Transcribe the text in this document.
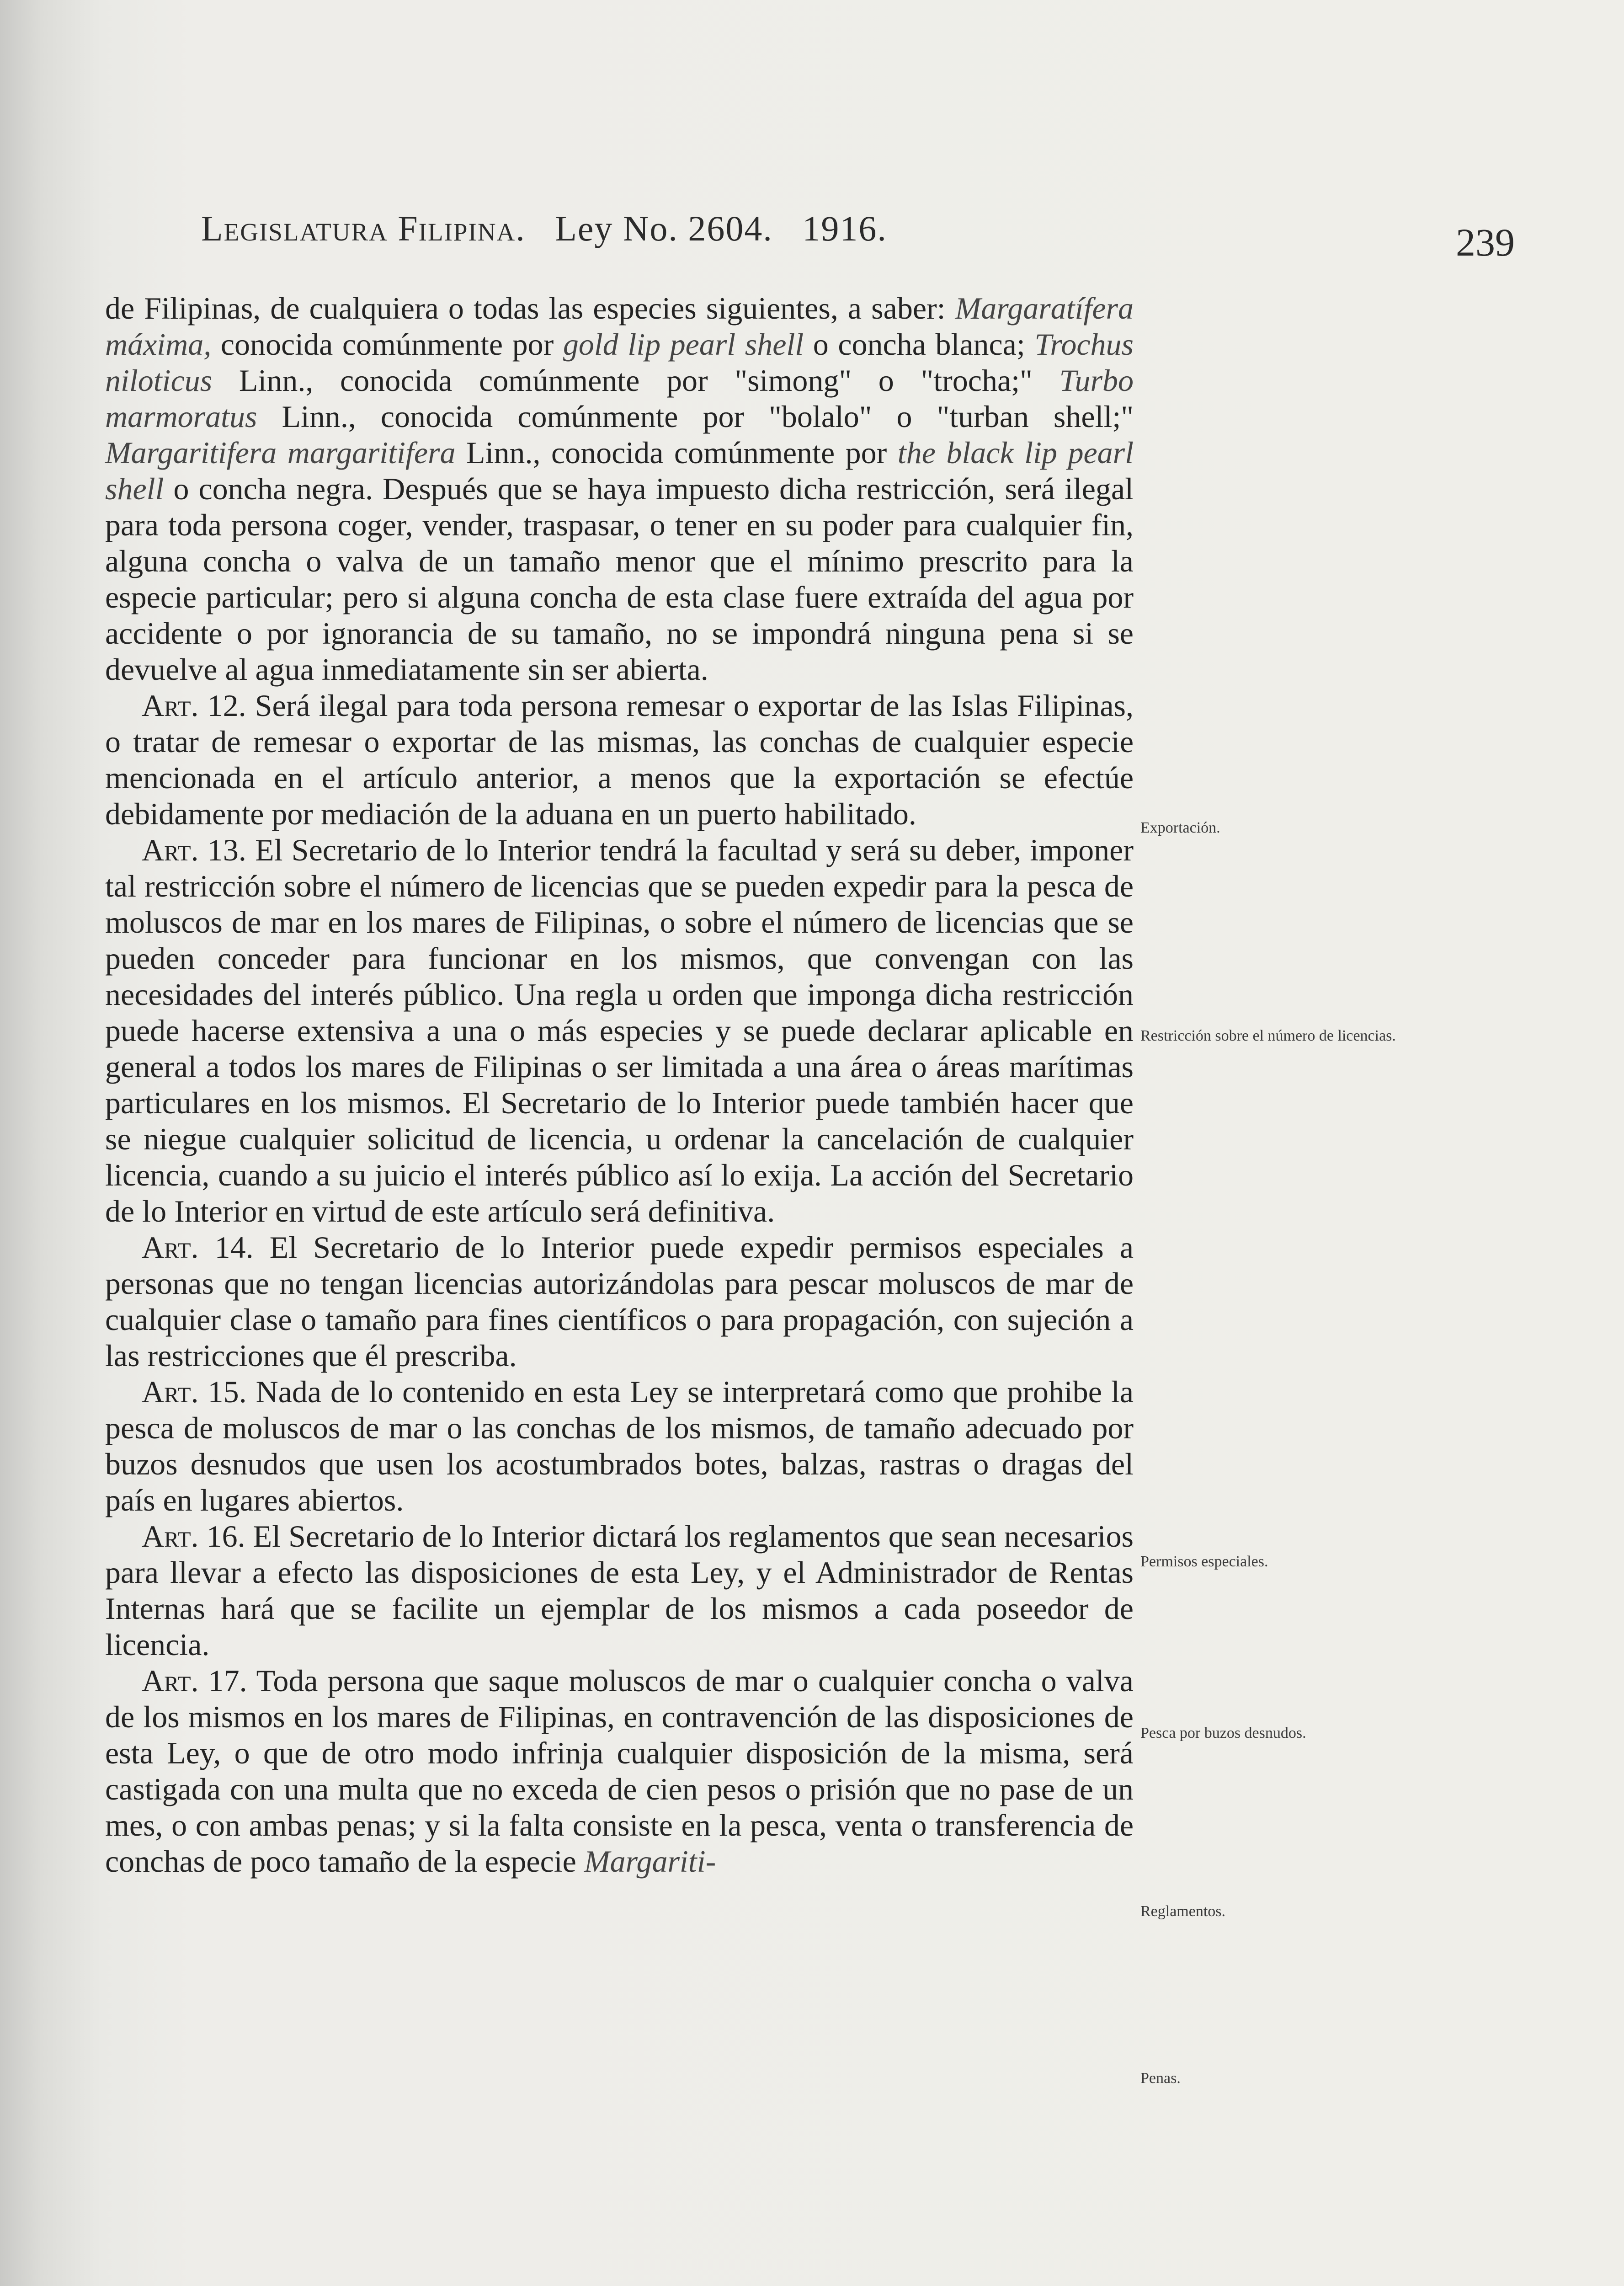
Legislatura Filipina. Ley No. 2604. 1916.	239

de Filipinas, de cualquiera o todas las especies siguientes, a saber: Margaratífera máxima, conocida comúnmente por gold lip pearl shell o concha blanca; Trochus niloticus Linn., conocida comúnmente por "simong" o "trocha;" Turbo marmoratus Linn., conocida comúnmente por "bolalo" o "turban shell;" Margaritifera margaritifera Linn., conocida comúnmente por the black lip pearl shell o concha negra. Después que se haya impuesto dicha restricción, será ilegal para toda persona coger, vender, traspasar, o tener en su poder para cualquier fin, alguna concha o valva de un tamaño menor que el mínimo prescrito para la especie particular; pero si alguna concha de esta clase fuere extraída del agua por accidente o por ignorancia de su tamaño, no se impondrá ninguna pena si se devuelve al agua inmediatamente sin ser abierta.

Art. 12. Será ilegal para toda persona remesar o exportar de las Islas Filipinas, o tratar de remesar o exportar de las mismas, las conchas de cualquier especie mencionada en el artículo anterior, a menos que la exportación se efectúe debidamente por mediación de la aduana en un puerto habilitado.

Art. 13. El Secretario de lo Interior tendrá la facultad y será su deber, imponer tal restricción sobre el número de licencias que se pueden expedir para la pesca de moluscos de mar en los mares de Filipinas, o sobre el número de licencias que se pueden conceder para funcionar en los mismos, que convengan con las necesidades del interés público. Una regla u orden que imponga dicha restricción puede hacerse extensiva a una o más especies y se puede declarar aplicable en general a todos los mares de Filipinas o ser limitada a una área o áreas marítimas particulares en los mismos. El Secretario de lo Interior puede también hacer que se niegue cualquier solicitud de licencia, u ordenar la cancelación de cualquier licencia, cuando a su juicio el interés público así lo exija. La acción del Secretario de lo Interior en virtud de este artículo será definitiva.

Art. 14. El Secretario de lo Interior puede expedir permisos especiales a personas que no tengan licencias autorizándolas para pescar moluscos de mar de cualquier clase o tamaño para fines científicos o para propagación, con sujeción a las restricciones que él prescriba.

Art. 15. Nada de lo contenido en esta Ley se interpretará como que prohibe la pesca de moluscos de mar o las conchas de los mismos, de tamaño adecuado por buzos desnudos que usen los acostumbrados botes, balzas, rastras o dragas del país en lugares abiertos.

Art. 16. El Secretario de lo Interior dictará los reglamentos que sean necesarios para llevar a efecto las disposiciones de esta Ley, y el Administrador de Rentas Internas hará que se facilite un ejemplar de los mismos a cada poseedor de licencia.

Art. 17. Toda persona que saque moluscos de mar o cualquier concha o valva de los mismos en los mares de Filipinas, en contravención de las disposiciones de esta Ley, o que de otro modo infrinja cualquier disposición de la misma, será castigada con una multa que no exceda de cien pesos o prisión que no pase de un mes, o con ambas penas; y si la falta consiste en la pesca, venta o transferencia de conchas de poco tamaño de la especie Margariti-

Exportación.
Restricción sobre el número de licencias.
Permisos especiales.
Pesca por buzos desnudos.
Reglamentos.
Penas.
